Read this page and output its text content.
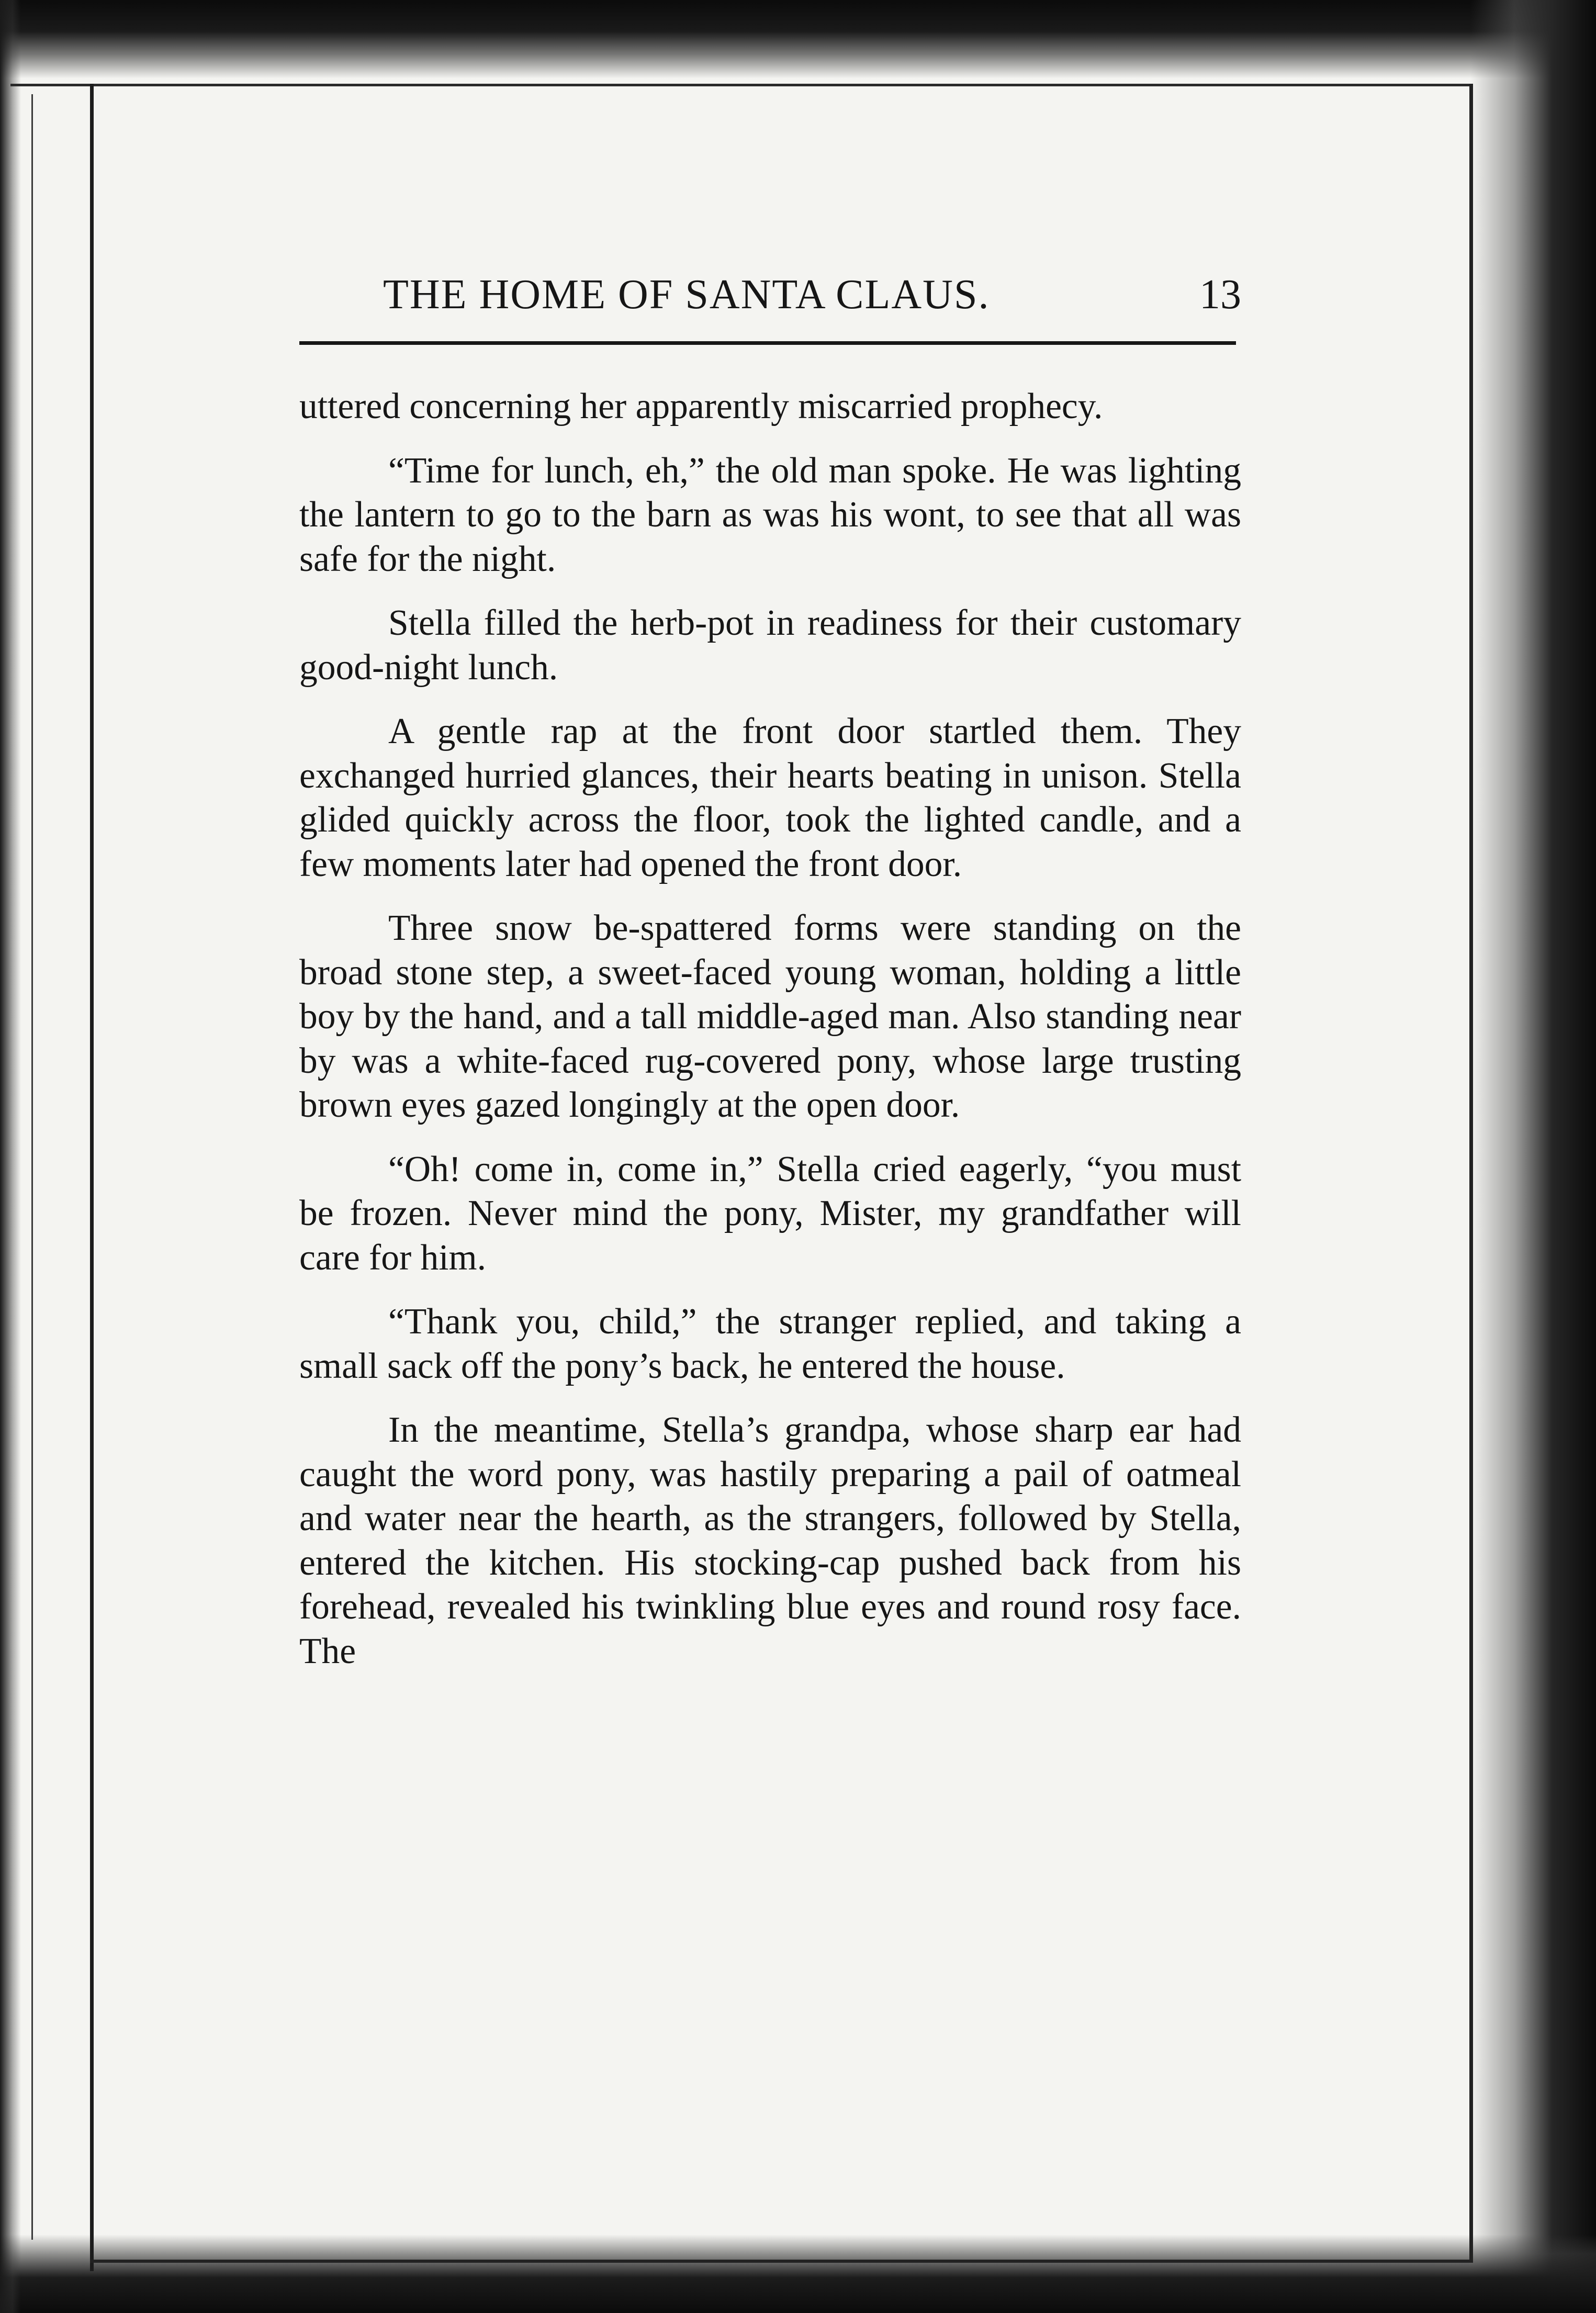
THE HOME OF SANTA CLAUS.	13

uttered concerning her apparently miscarried prophecy.

“Time for lunch, eh,” the old man spoke. He was lighting the lantern to go to the barn as was his wont, to see that all was safe for the night.

Stella filled the herb-pot in readiness for their customary good-night lunch.

A gentle rap at the front door startled them. They exchanged hurried glances, their hearts beating in unison. Stella glided quickly across the floor, took the lighted candle, and a few moments later had opened the front door.

Three snow be-spattered forms were standing on the broad stone step, a sweet-faced young woman, holding a little boy by the hand, and a tall middle-aged man. Also standing near by was a white-faced rug-covered pony, whose large trusting brown eyes gazed longingly at the open door.

“Oh! come in, come in,” Stella cried eagerly, “you must be frozen. Never mind the pony, Mister, my grandfather will care for him.

“Thank you, child,” the stranger replied, and taking a small sack off the pony’s back, he entered the house.

In the meantime, Stella’s grandpa, whose sharp ear had caught the word pony, was hastily preparing a pail of oatmeal and water near the hearth, as the strangers, followed by Stella, entered the kitchen. His stocking-cap pushed back from his forehead, revealed his twinkling blue eyes and round rosy face. The
